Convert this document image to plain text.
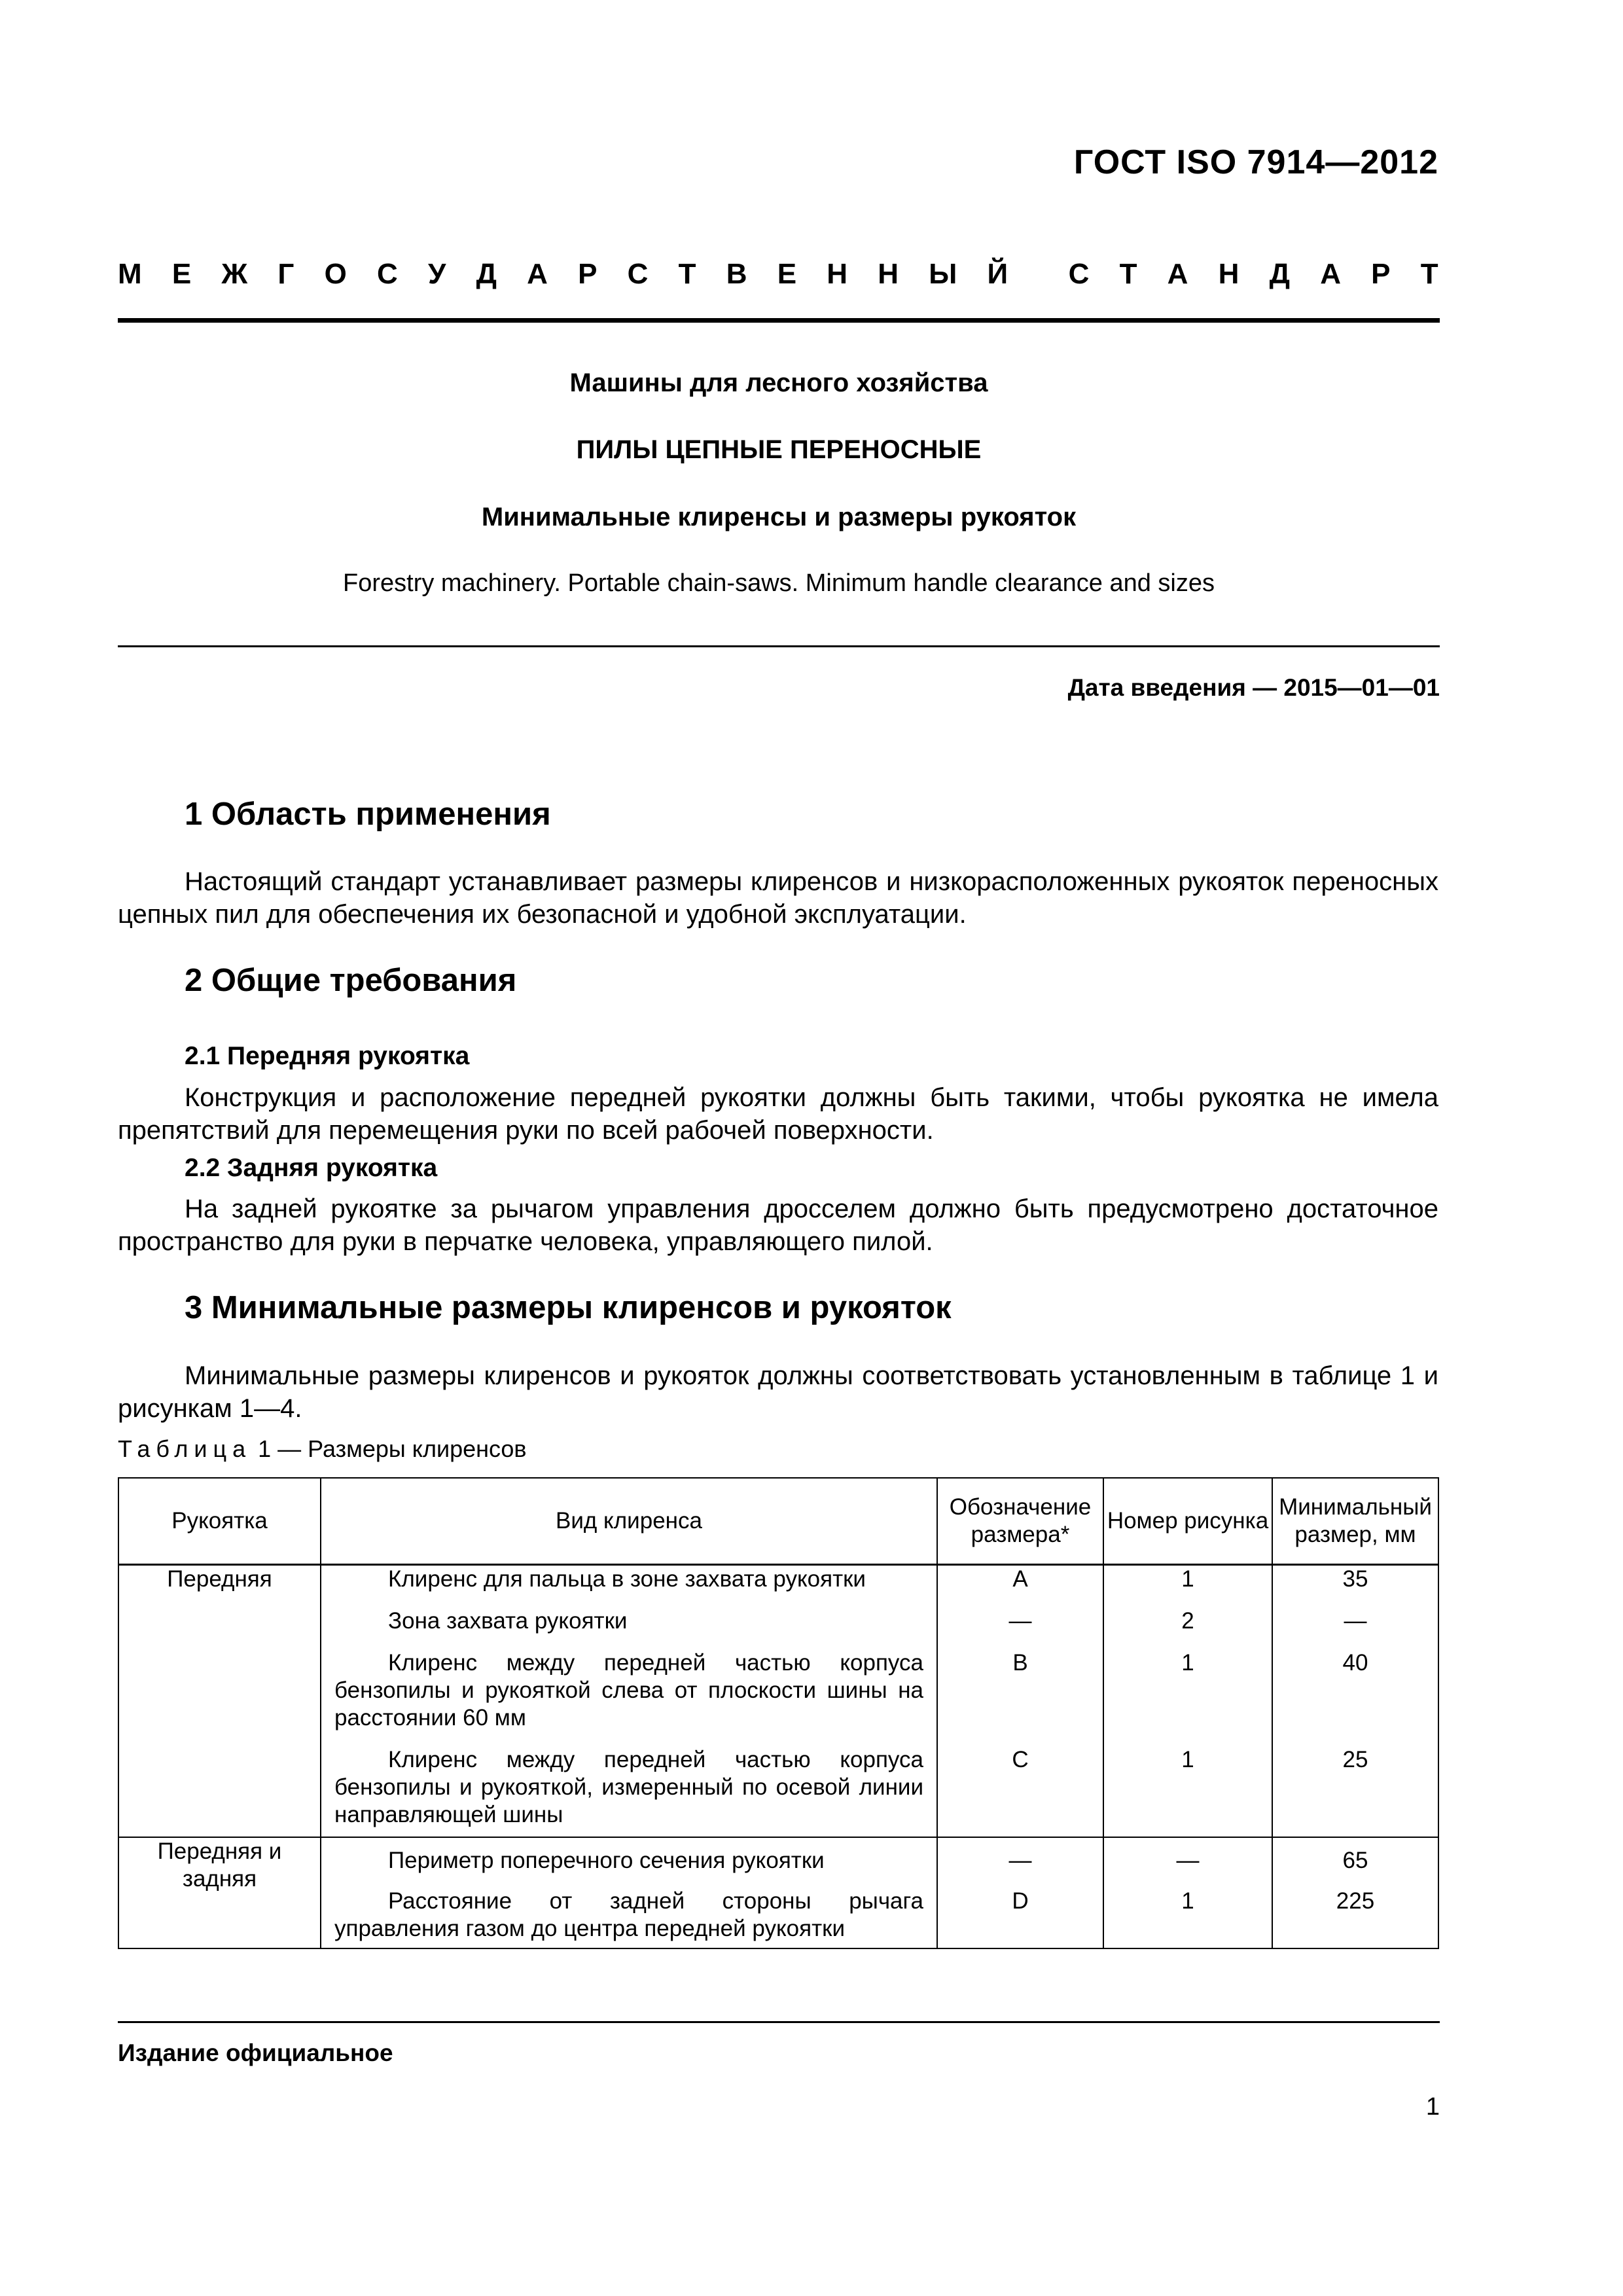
ГОСТ ISO 7914—2012
М Е Ж Г О С У Д А Р С Т В Е Н Н Ы Й С Т А Н Д А Р Т
Машины для лесного хозяйства
ПИЛЫ ЦЕПНЫЕ ПЕРЕНОСНЫЕ
Минимальные клиренсы и размеры рукояток
Forestry machinery. Portable chain-saws. Minimum handle clearance and sizes
Дата введения — 2015—01—01
1 Область применения
Настоящий стандарт устанавливает размеры клиренсов и низкорасположенных рукояток переносных цепных пил для обеспечения их безопасной и удобной эксплуатации.
2 Общие требования
2.1 Передняя рукоятка
Конструкция и расположение передней рукоятки должны быть такими, чтобы рукоятка не имела препятствий для перемещения руки по всей рабочей поверхности.
2.2 Задняя рукоятка
На задней рукоятке за рычагом управления дросселем должно быть предусмотрено достаточное пространство для руки в перчатке человека, управляющего пилой.
3 Минимальные размеры клиренсов и рукояток
Минимальные размеры клиренсов и рукояток должны соответствовать установленным в таблице 1 и рисункам 1—4.
Таблица 1 — Размеры клиренсов
Рукоятка	Вид клиренса	Обозначение размера*	Номер рисунка	Минимальный размер, мм
Передняя	Клиренс для пальца в зоне захвата рукоятки	A	1	35

	Зона захвата рукоятки	—	2	—

	Клиренс между передней частью корпуса бензопилы и рукояткой слева от плоскости шины на расстоянии 60 мм	B	1	40

	Клиренс между передней частью корпуса бензопилы и рукояткой, измеренный по осевой линии направляющей шины	C	1	25
Передняя и задняя	Периметр поперечного сечения рукоятки	—	—	65

	Расстояние от задней стороны рычага управления газом до центра передней рукоятки	D	1	225
Издание официальное
1
